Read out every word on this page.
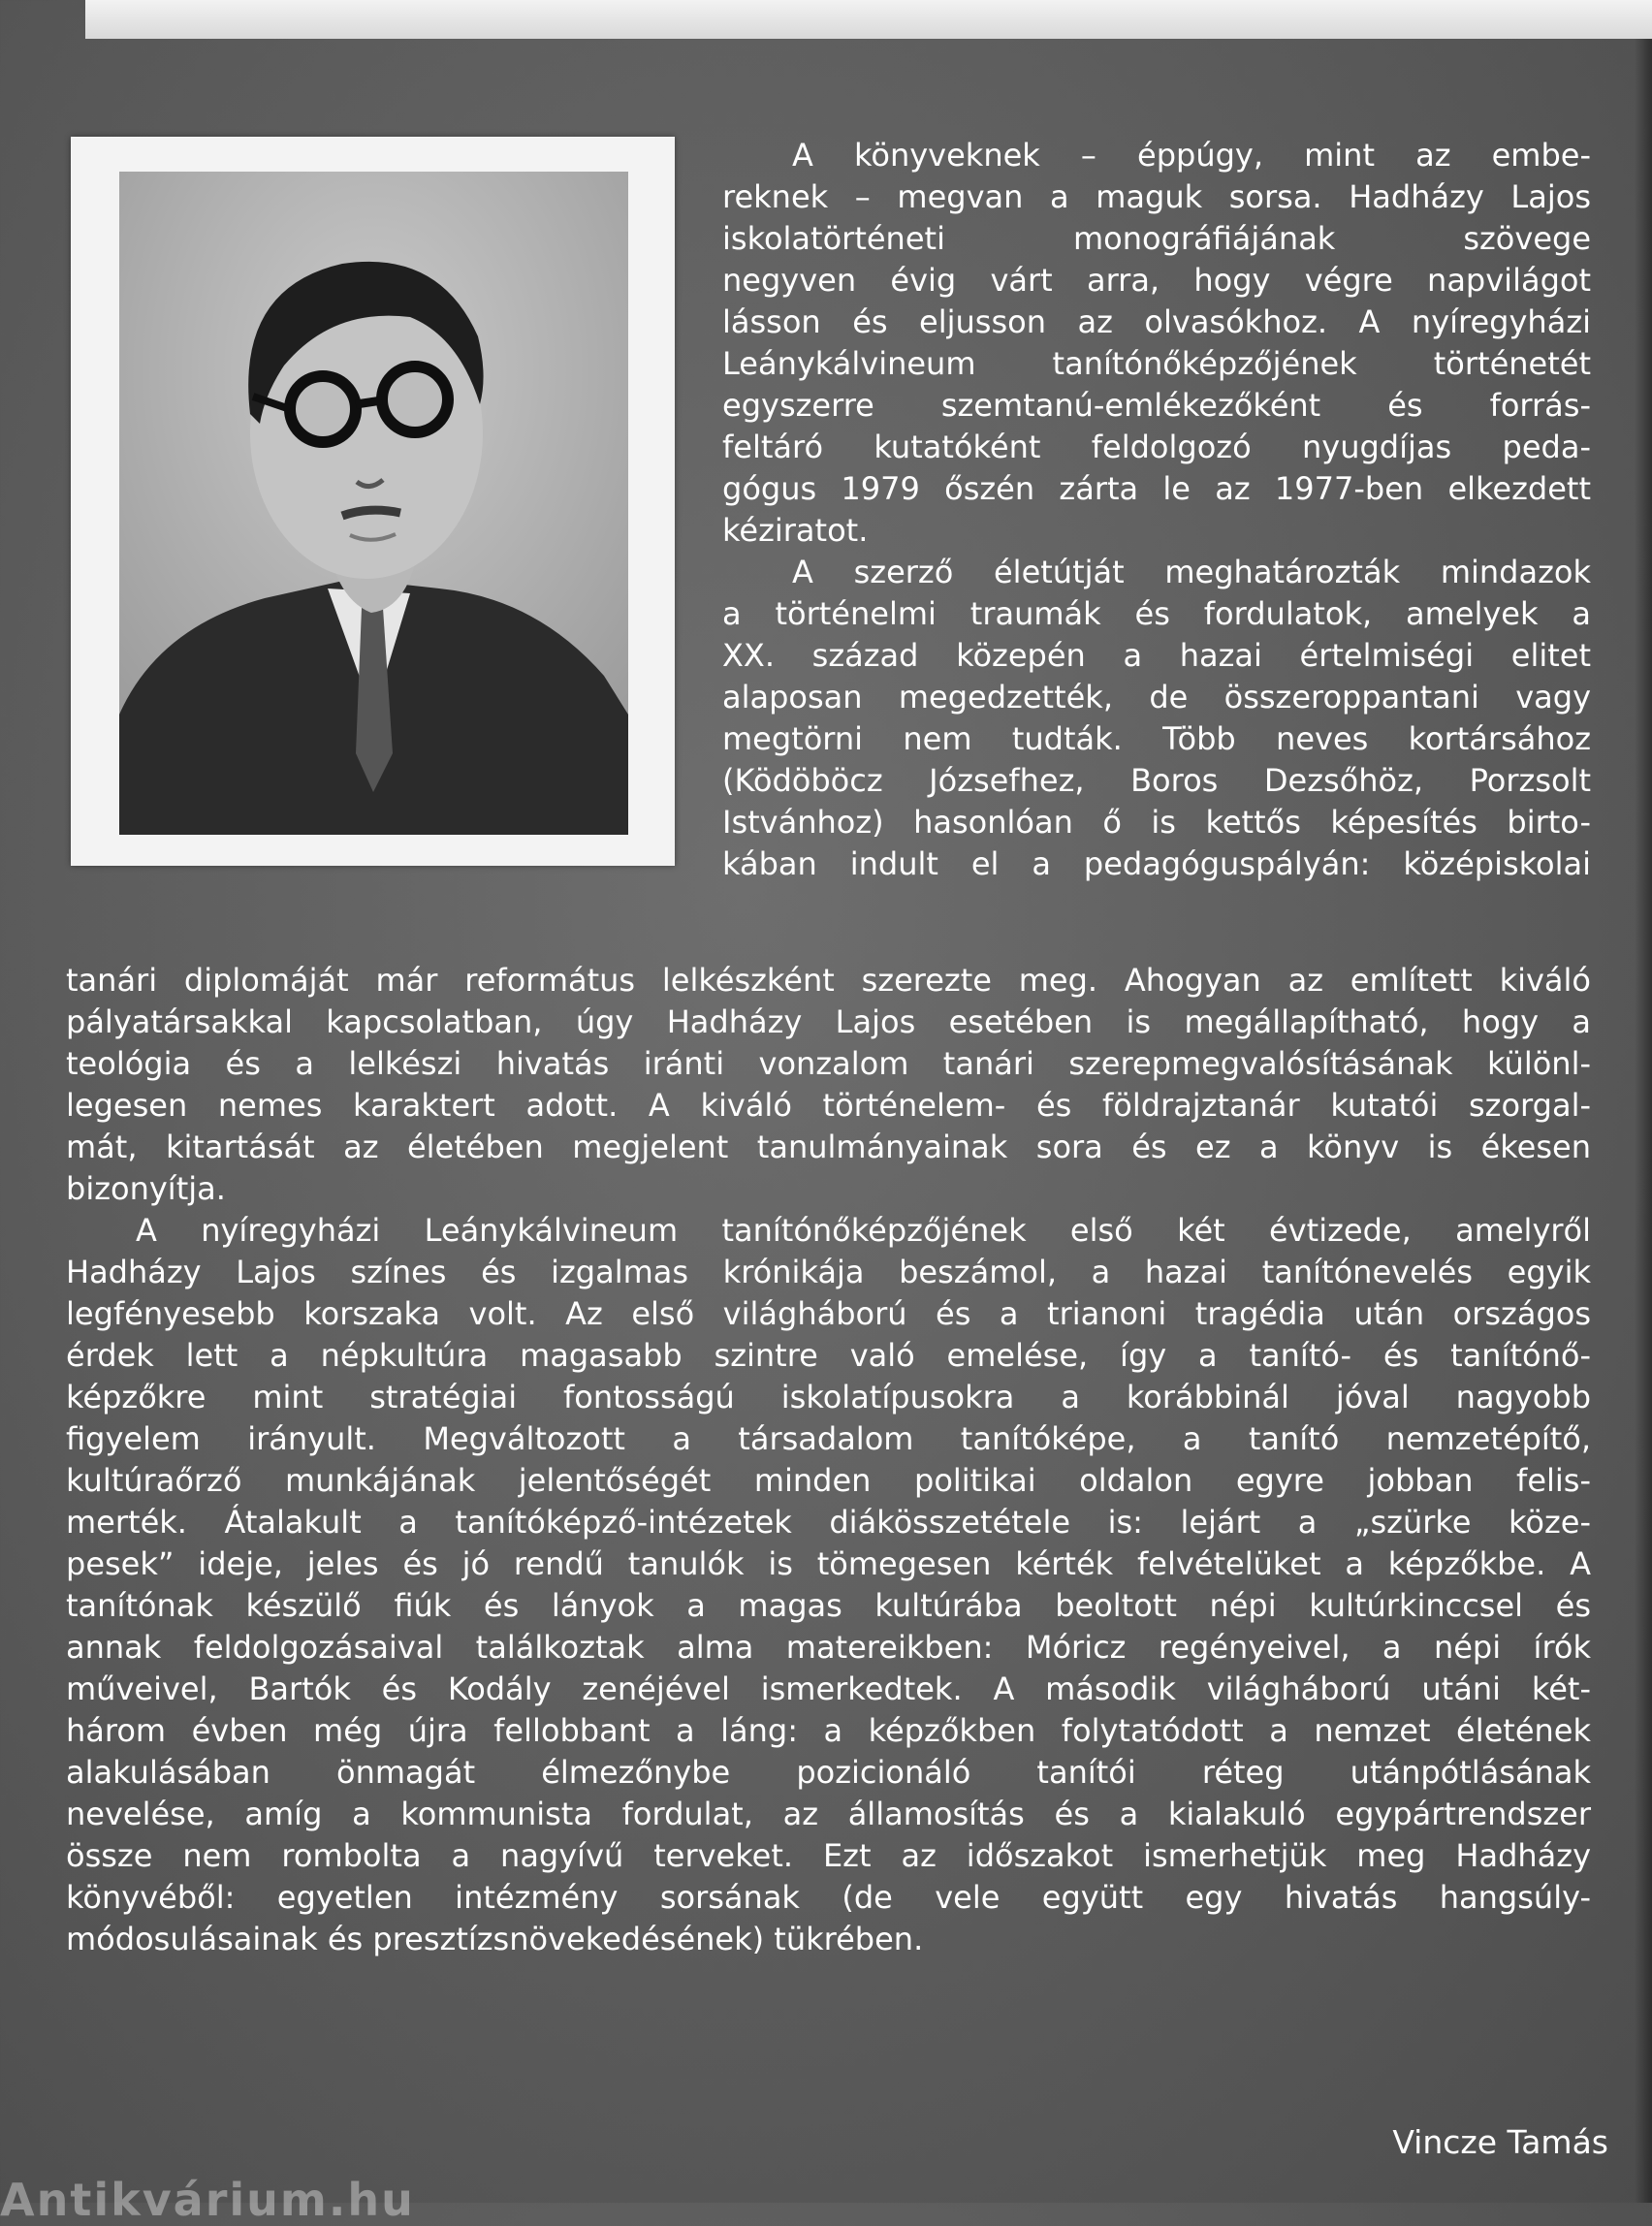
A könyveknek – éppúgy, mint az embe-
reknek – megvan a maguk sorsa. Hadházy Lajos
iskolatörténeti monográfiájának szövege
negyven évig várt arra, hogy végre napvilágot
lásson és eljusson az olvasókhoz. A nyíregyházi
Leánykálvineum tanítónőképzőjének történetét
egyszerre szemtanú-emlékezőként és forrás-
feltáró kutatóként feldolgozó nyugdíjas peda-
gógus 1979 őszén zárta le az 1977-ben elkezdett
kéziratot.
A szerző életútját meghatározták mindazok
a történelmi traumák és fordulatok, amelyek a
XX. század közepén a hazai értelmiségi elitet
alaposan megedzették, de összeroppantani vagy
megtörni nem tudták. Több neves kortársához
(Ködöböcz Józsefhez, Boros Dezsőhöz, Porzsolt
Istvánhoz) hasonlóan ő is kettős képesítés birto-
kában indult el a pedagóguspályán: középiskolai
tanári diplomáját már református lelkészként szerezte meg. Ahogyan az említett kiváló
pályatársakkal kapcsolatban, úgy Hadházy Lajos esetében is megállapítható, hogy a
teológia és a lelkészi hivatás iránti vonzalom tanári szerepmegvalósításának különl-
legesen nemes karaktert adott. A kiváló történelem- és földrajztanár kutatói szorgal-
mát, kitartását az életében megjelent tanulmányainak sora és ez a könyv is ékesen
bizonyítja.
A nyíregyházi Leánykálvineum tanítónőképzőjének első két évtizede, amelyről
Hadházy Lajos színes és izgalmas krónikája beszámol, a hazai tanítónevelés egyik
legfényesebb korszaka volt. Az első világháború és a trianoni tragédia után országos
érdek lett a népkultúra magasabb szintre való emelése, így a tanító- és tanítónő-
képzőkre mint stratégiai fontosságú iskolatípusokra a korábbinál jóval nagyobb
figyelem irányult. Megváltozott a társadalom tanítóképe, a tanító nemzetépítő,
kultúraőrző munkájának jelentőségét minden politikai oldalon egyre jobban felis-
merték. Átalakult a tanítóképző-intézetek diákösszetétele is: lejárt a „szürke köze-
pesek” ideje, jeles és jó rendű tanulók is tömegesen kérték felvételüket a képzőkbe. A
tanítónak készülő fiúk és lányok a magas kultúrába beoltott népi kultúrkinccsel és
annak feldolgozásaival találkoztak alma matereikben: Móricz regényeivel, a népi írók
műveivel, Bartók és Kodály zenéjével ismerkedtek. A második világháború utáni két-
három évben még újra fellobbant a láng: a képzőkben folytatódott a nemzet életének
alakulásában önmagát élmezőnybe pozicionáló tanítói réteg utánpótlásának
nevelése, amíg a kommunista fordulat, az államosítás és a kialakuló egypártrendszer
össze nem rombolta a nagyívű terveket. Ezt az időszakot ismerhetjük meg Hadházy
könyvéből: egyetlen intézmény sorsának (de vele együtt egy hivatás hangsúly-
módosulásainak és presztízsnövekedésének) tükrében.
Vincze Tamás
Antikvárium.hu
